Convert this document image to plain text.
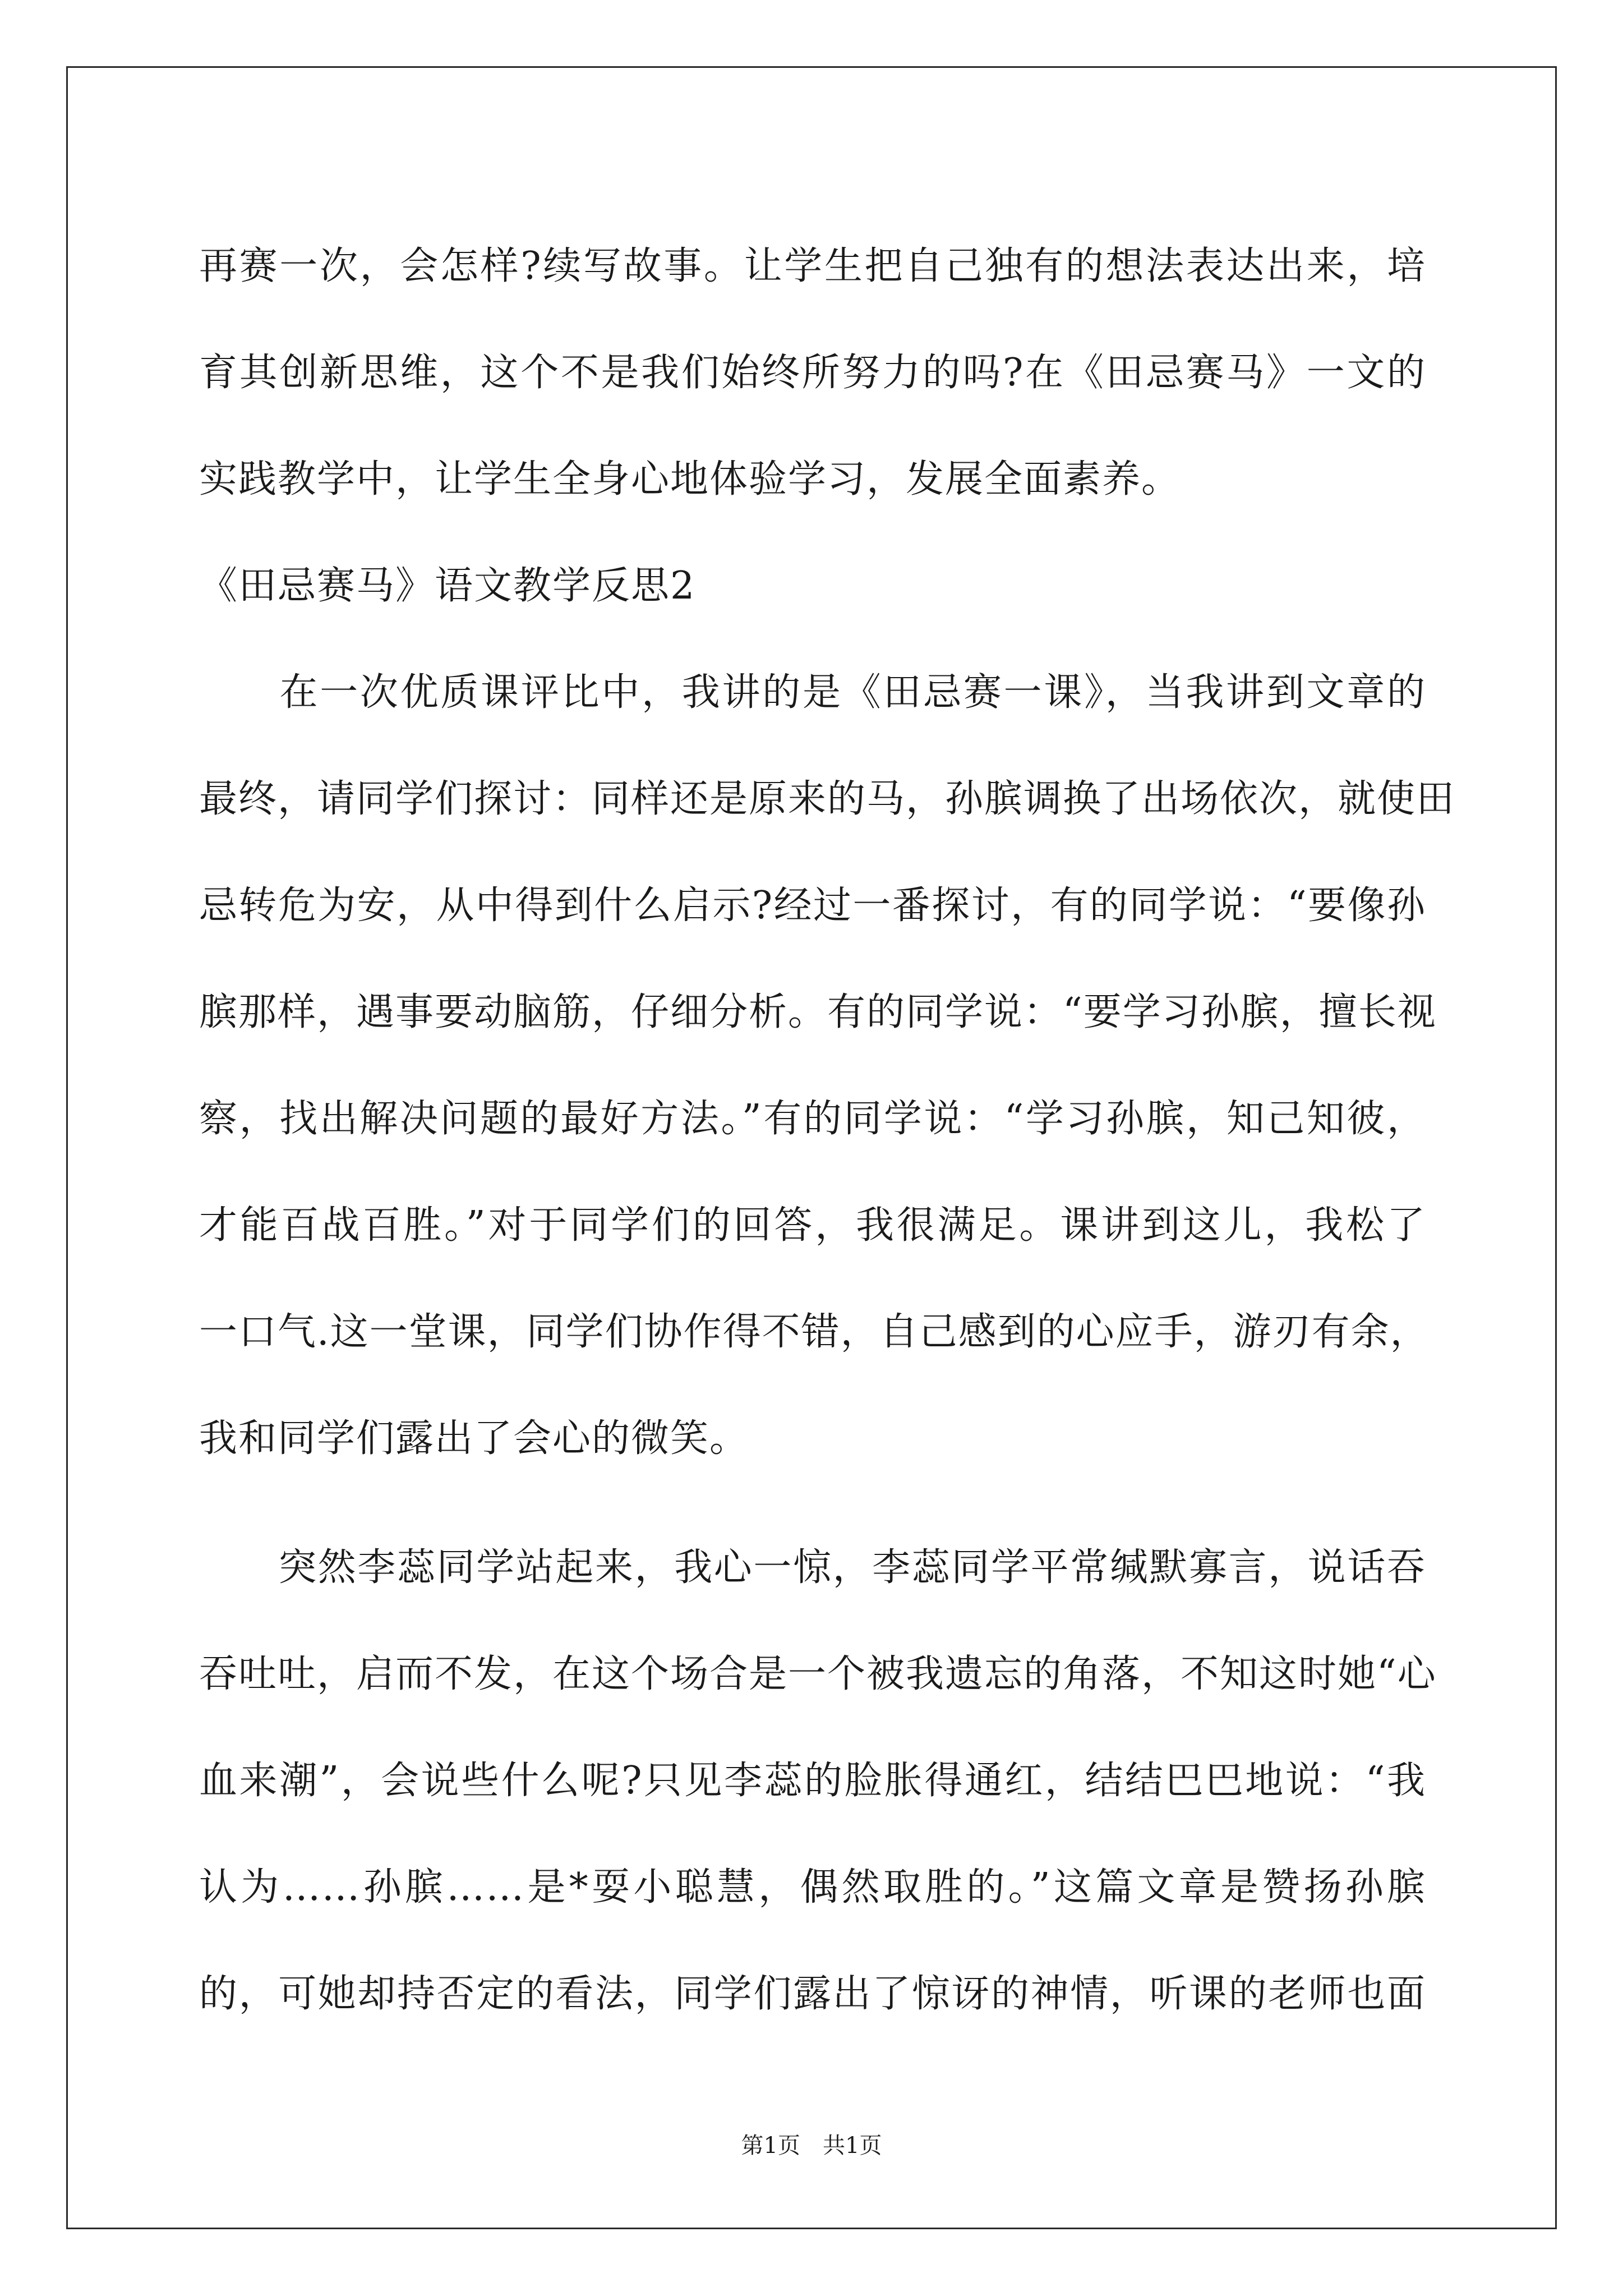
再赛一次，会怎样?续写故事。让学生把自己独有的想法表达出来，培
育其创新思维，这个不是我们始终所努力的吗?在《田忌赛马》一文的
实践教学中，让学生全身心地体验学习，发展全面素养。
《田忌赛马》语文教学反思2
　　在一次优质课评比中，我讲的是《田忌赛一课》，当我讲到文章的
最终，请同学们探讨：同样还是原来的马，孙膑调换了出场依次，就使田
忌转危为安，从中得到什么启示?经过一番探讨，有的同学说：“要像孙
膑那样，遇事要动脑筋，仔细分析。有的同学说：“要学习孙膑，擅长视
察，找出解决问题的最好方法。”有的同学说：“学习孙膑，知己知彼，
才能百战百胜。”对于同学们的回答，我很满足。课讲到这儿，我松了
一口气.这一堂课，同学们协作得不错，自己感到的心应手，游刃有余，
我和同学们露出了会心的微笑。
　　突然李蕊同学站起来，我心一惊，李蕊同学平常缄默寡言，说话吞
吞吐吐，启而不发，在这个场合是一个被我遗忘的角落，不知这时她“心
血来潮”，会说些什么呢?只见李蕊的脸胀得通红，结结巴巴地说：“我
认为……孙膑……是*耍小聪慧，偶然取胜的。”这篇文章是赞扬孙膑
的，可她却持否定的看法，同学们露出了惊讶的神情，听课的老师也面
第1页　共1页
